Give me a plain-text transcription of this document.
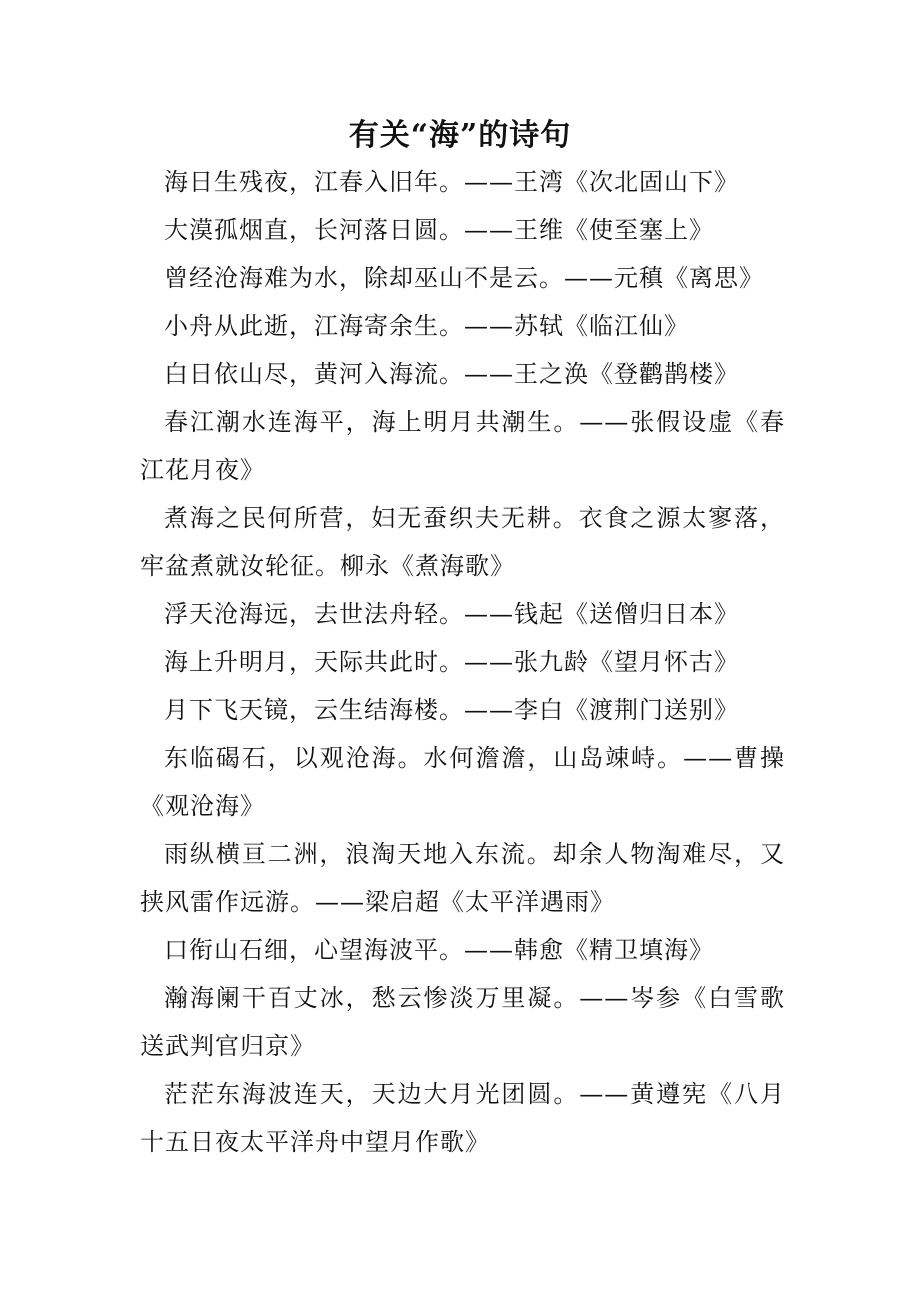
有关“海”的诗句
海日生残夜，江春入旧年。——王湾《次北固山下》
大漠孤烟直，长河落日圆。——王维《使至塞上》
曾经沧海难为水，除却巫山不是云。——元稹《离思》
小舟从此逝，江海寄余生。——苏轼《临江仙》
白日依山尽，黄河入海流。——王之涣《登鹳鹊楼》
春江潮水连海平，海上明月共潮生。——张假设虚《春江花月夜》
煮海之民何所营，妇无蚕织夫无耕。衣食之源太寥落，牢盆煮就汝轮征。柳永《煮海歌》
浮天沧海远，去世法舟轻。——钱起《送僧归日本》
海上升明月，天际共此时。——张九龄《望月怀古》
月下飞天镜，云生结海楼。——李白《渡荆门送别》
东临碣石，以观沧海。水何澹澹，山岛竦峙。——曹操《观沧海》
雨纵横亘二洲，浪淘天地入东流。却余人物淘难尽，又挟风雷作远游。——梁启超《太平洋遇雨》
口衔山石细，心望海波平。——韩愈《精卫填海》
瀚海阑干百丈冰，愁云惨淡万里凝。——岑参《白雪歌送武判官归京》
茫茫东海波连天，天边大月光团圆。——黄遵宪《八月十五日夜太平洋舟中望月作歌》
